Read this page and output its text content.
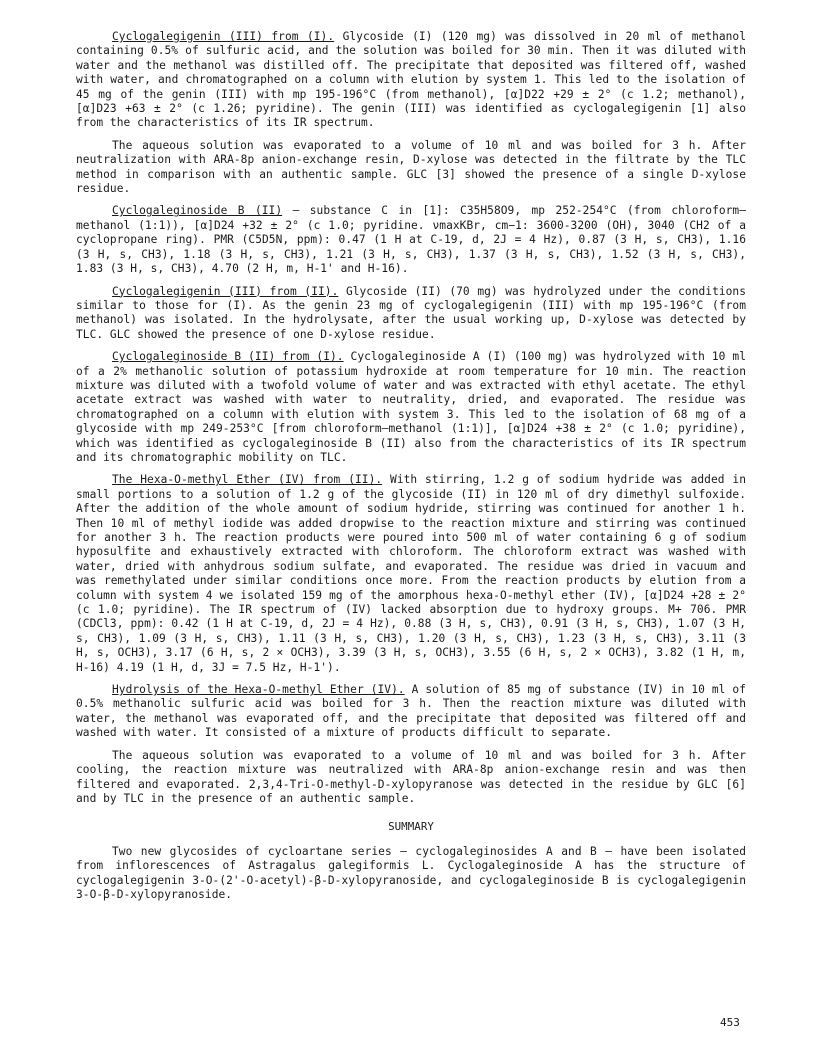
Cyclogalegigenin (III) from (I). Glycoside (I) (120 mg) was dissolved in 20 ml of methanol containing 0.5% of sulfuric acid, and the solution was boiled for 30 min. Then it was diluted with water and the methanol was distilled off. The precipitate that deposited was filtered off, washed with water, and chromatographed on a column with elution by system 1. This led to the isolation of 45 mg of the genin (III) with mp 195-196°C (from methanol), [α]D22 +29 ± 2° (c 1.2; methanol), [α]D23 +63 ± 2° (c 1.26; pyridine). The genin (III) was identified as cyclogalegigenin [1] also from the characteristics of its IR spectrum.

The aqueous solution was evaporated to a volume of 10 ml and was boiled for 3 h. After neutralization with ARA-8p anion-exchange resin, D-xylose was detected in the filtrate by the TLC method in comparison with an authentic sample. GLC [3] showed the presence of a single D-xylose residue.

Cyclogaleginoside B (II) — substance C in [1]: C35H58O9, mp 252-254°C (from chloroform—methanol (1:1)), [α]D24 +32 ± 2° (c 1.0; pyridine. νmaxKBr, cm−1: 3600-3200 (OH), 3040 (CH2 of a cyclopropane ring). PMR (C5D5N, ppm): 0.47 (1 H at C-19, d, 2J = 4 Hz), 0.87 (3 H, s, CH3), 1.16 (3 H, s, CH3), 1.18 (3 H, s, CH3), 1.21 (3 H, s, CH3), 1.37 (3 H, s, CH3), 1.52 (3 H, s, CH3), 1.83 (3 H, s, CH3), 4.70 (2 H, m, H-1' and H-16).

Cyclogalegigenin (III) from (II). Glycoside (II) (70 mg) was hydrolyzed under the conditions similar to those for (I). As the genin 23 mg of cyclogalegigenin (III) with mp 195-196°C (from methanol) was isolated. In the hydrolysate, after the usual working up, D-xylose was detected by TLC. GLC showed the presence of one D-xylose residue.

Cyclogaleginoside B (II) from (I). Cyclogaleginoside A (I) (100 mg) was hydrolyzed with 10 ml of a 2% methanolic solution of potassium hydroxide at room temperature for 10 min. The reaction mixture was diluted with a twofold volume of water and was extracted with ethyl acetate. The ethyl acetate extract was washed with water to neutrality, dried, and evaporated. The residue was chromatographed on a column with elution with system 3. This led to the isolation of 68 mg of a glycoside with mp 249-253°C [from chloroform—methanol (1:1)], [α]D24 +38 ± 2° (c 1.0; pyridine), which was identified as cyclogaleginoside B (II) also from the characteristics of its IR spectrum and its chromatographic mobility on TLC.

The Hexa-O-methyl Ether (IV) from (II). With stirring, 1.2 g of sodium hydride was added in small portions to a solution of 1.2 g of the glycoside (II) in 120 ml of dry dimethyl sulfoxide. After the addition of the whole amount of sodium hydride, stirring was continued for another 1 h. Then 10 ml of methyl iodide was added dropwise to the reaction mixture and stirring was continued for another 3 h. The reaction products were poured into 500 ml of water containing 6 g of sodium hyposulfite and exhaustively extracted with chloroform. The chloroform extract was washed with water, dried with anhydrous sodium sulfate, and evaporated. The residue was dried in vacuum and was remethylated under similar conditions once more. From the reaction products by elution from a column with system 4 we isolated 159 mg of the amorphous hexa-O-methyl ether (IV), [α]D24 +28 ± 2° (c 1.0; pyridine). The IR spectrum of (IV) lacked absorption due to hydroxy groups. M+ 706. PMR (CDCl3, ppm): 0.42 (1 H at C-19, d, 2J = 4 Hz), 0.88 (3 H, s, CH3), 0.91 (3 H, s, CH3), 1.07 (3 H, s, CH3), 1.09 (3 H, s, CH3), 1.11 (3 H, s, CH3), 1.20 (3 H, s, CH3), 1.23 (3 H, s, CH3), 3.11 (3 H, s, OCH3), 3.17 (6 H, s, 2 × OCH3), 3.39 (3 H, s, OCH3), 3.55 (6 H, s, 2 × OCH3), 3.82 (1 H, m, H-16) 4.19 (1 H, d, 3J = 7.5 Hz, H-1').

Hydrolysis of the Hexa-O-methyl Ether (IV). A solution of 85 mg of substance (IV) in 10 ml of 0.5% methanolic sulfuric acid was boiled for 3 h. Then the reaction mixture was diluted with water, the methanol was evaporated off, and the precipitate that deposited was filtered off and washed with water. It consisted of a mixture of products difficult to separate.

The aqueous solution was evaporated to a volume of 10 ml and was boiled for 3 h. After cooling, the reaction mixture was neutralized with ARA-8p anion-exchange resin and was then filtered and evaporated. 2,3,4-Tri-O-methyl-D-xylopyranose was detected in the residue by GLC [6] and by TLC in the presence of an authentic sample.

SUMMARY

Two new glycosides of cycloartane series — cyclogaleginosides A and B — have been isolated from inflorescences of Astragalus galegiformis L. Cyclogaleginoside A has the structure of cyclogalegigenin 3-O-(2'-O-acetyl)-β-D-xylopyranoside, and cyclogaleginoside B is cyclogalegigenin 3-O-β-D-xylopyranoside.

453
